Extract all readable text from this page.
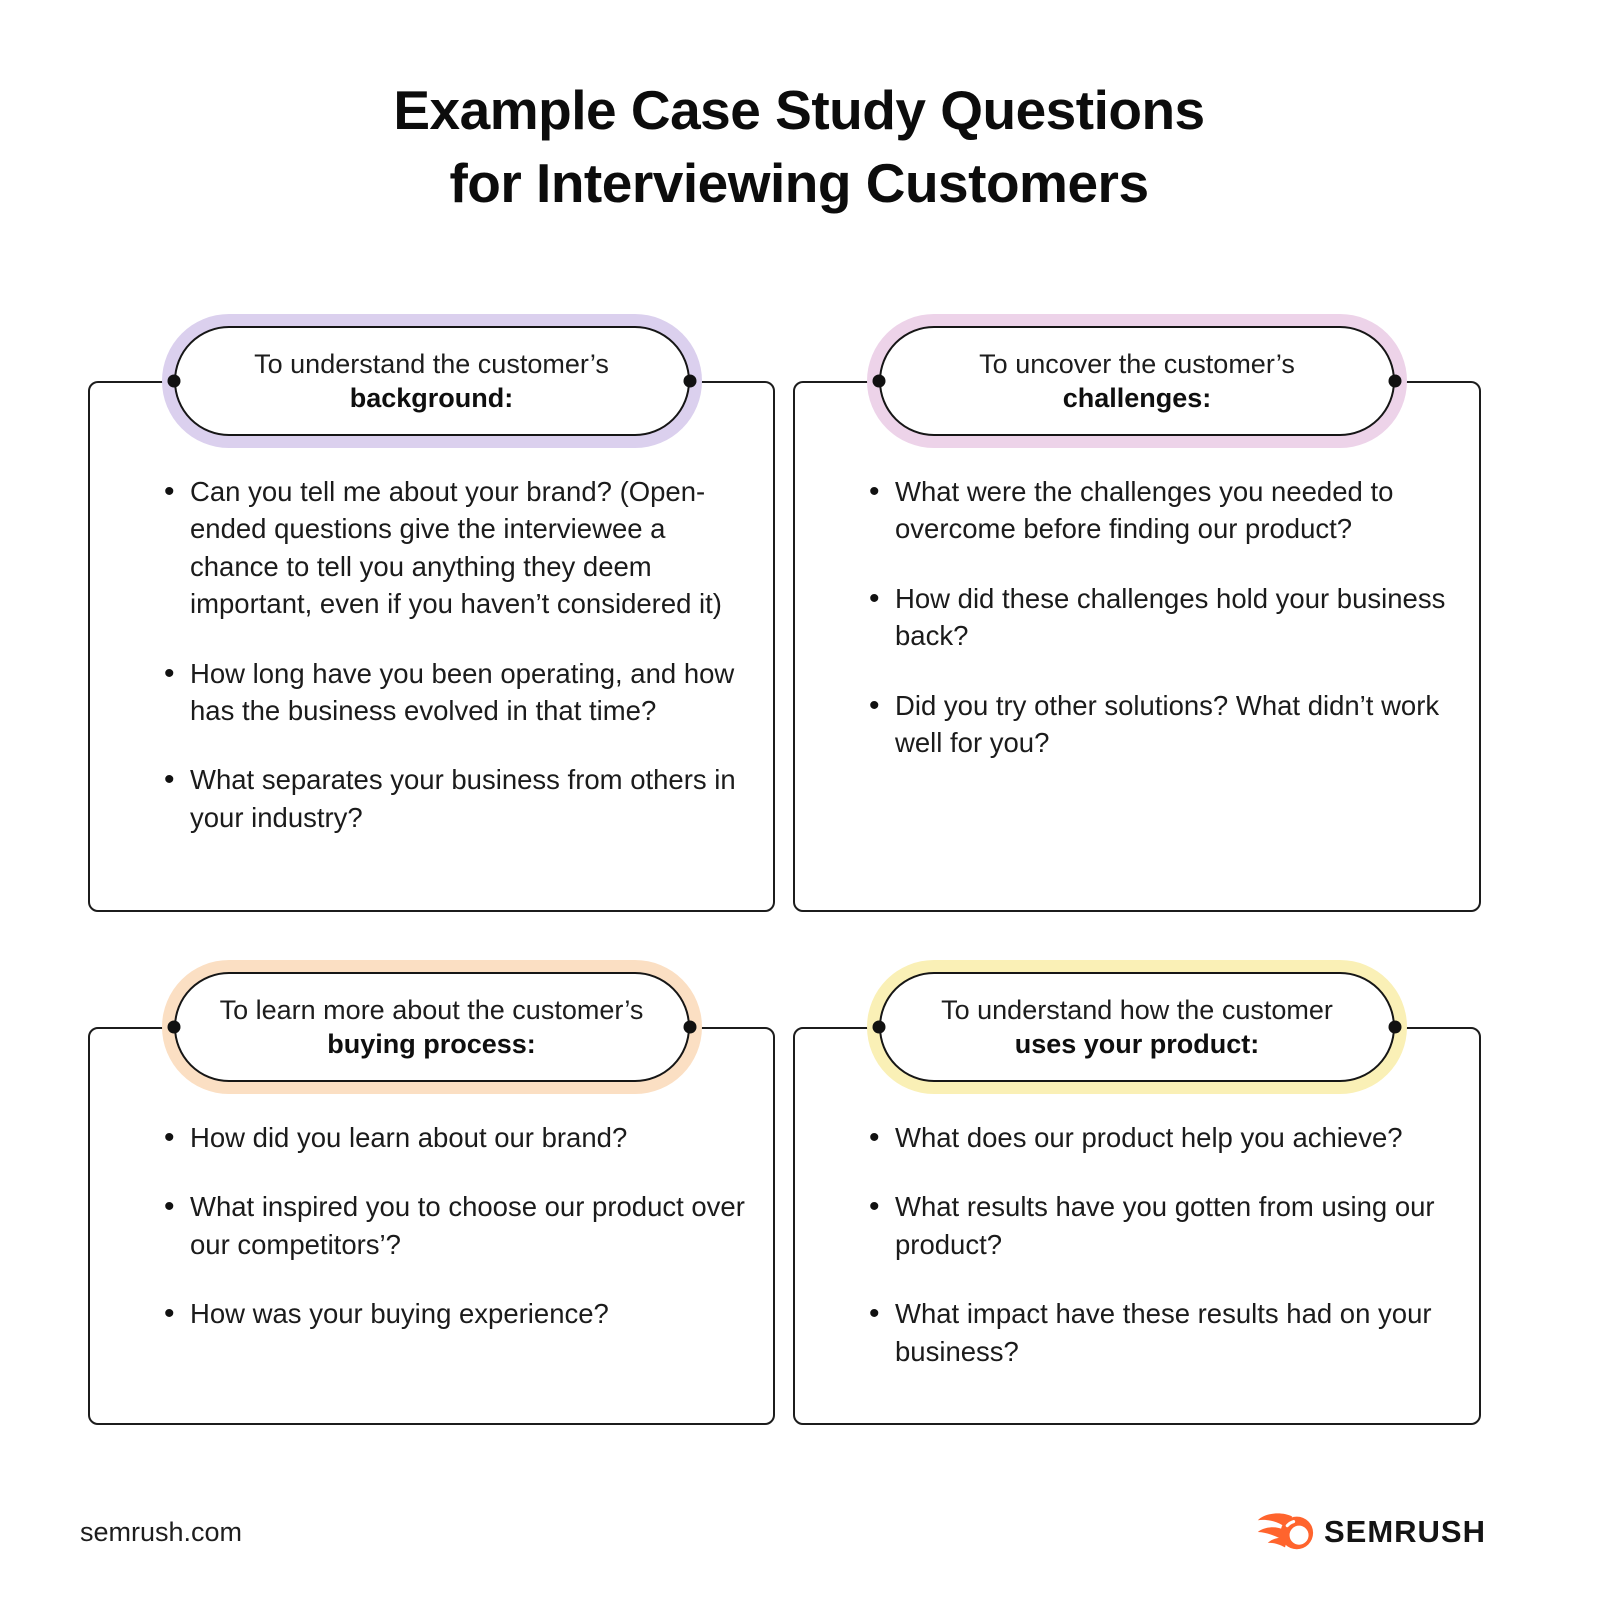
Example Case Study Questions
for Interviewing Customers
To understand the customer’s
background:
• Can you tell me about your brand? (Open-ended questions give the interviewee a chance to tell you anything they deem important, even if you haven’t considered it)
• How long have you been operating, and how has the business evolved in that time?
• What separates your business from others in your industry?
To uncover the customer’s
challenges:
• What were the challenges you needed to overcome before finding our product?
• How did these challenges hold your business back?
• Did you try other solutions? What didn’t work well for you?
To learn more about the customer’s
buying process:
• How did you learn about our brand?
• What inspired you to choose our product over our competitors’?
• How was your buying experience?
To understand how the customer
uses your product:
• What does our product help you achieve?
• What results have you gotten from using our product?
• What impact have these results had on your business?
semrush.com	SEMRUSH
